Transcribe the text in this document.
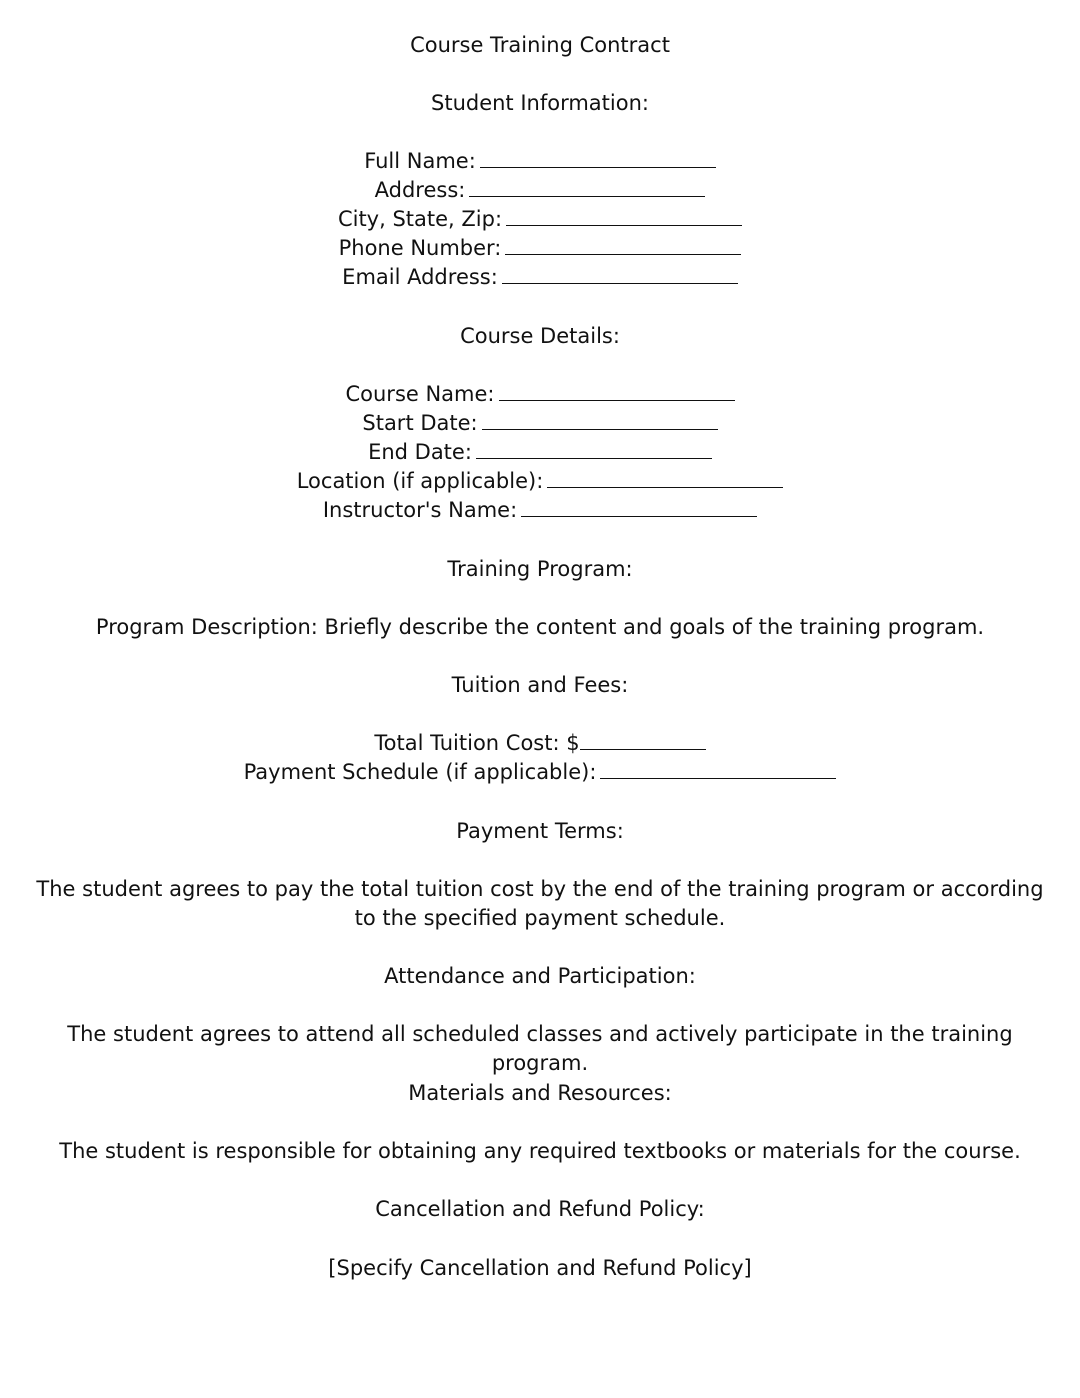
Course Training Contract
Student Information:
Full Name:
Address:
City, State, Zip:
Phone Number:
Email Address:
Course Details:
Course Name:
Start Date:
End Date:
Location (if applicable):
Instructor's Name:
Training Program:
Program Description: Briefly describe the content and goals of the training program.
Tuition and Fees:
Total Tuition Cost: $
Payment Schedule (if applicable):
Payment Terms:
The student agrees to pay the total tuition cost by the end of the training program or according to the specified payment schedule.
Attendance and Participation:
The student agrees to attend all scheduled classes and actively participate in the training program.
Materials and Resources:
The student is responsible for obtaining any required textbooks or materials for the course.
Cancellation and Refund Policy:
[Specify Cancellation and Refund Policy]
